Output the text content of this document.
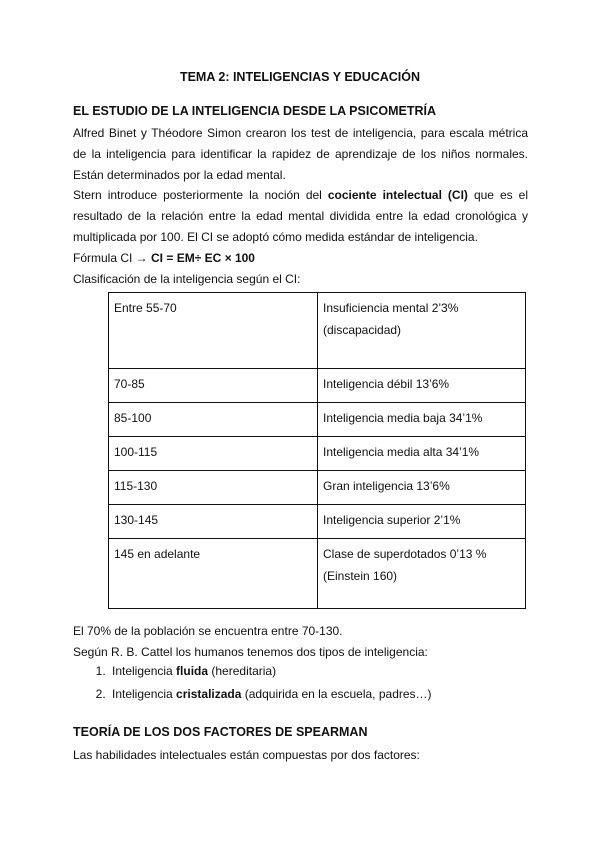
TEMA 2: INTELIGENCIAS Y EDUCACIÓN
EL ESTUDIO DE LA INTELIGENCIA DESDE LA PSICOMETRÍA
Alfred Binet y Théodore Simon crearon los test de inteligencia, para escala métrica de la inteligencia para identificar la rapidez de aprendizaje de los niños normales. Están determinados por la edad mental.
Stern introduce posteriormente la noción del cociente intelectual (CI) que es el resultado de la relación entre la edad mental dividida entre la edad cronológica y multiplicada por 100. El CI se adoptó cómo medida estándar de inteligencia.
Fórmula CI → CI = EM÷ EC × 100
Clasificación de la inteligencia según el CI:
Entre 55-70	Insuficiencia mental 2’3%
(discapacidad)

70-85	Inteligencia débil 13’6%
85-100	Inteligencia media baja 34’1%
100-115	Inteligencia media alta 34’1%
115-130	Gran inteligencia 13’6%
130-145	Inteligencia superior 2’1%
145 en adelante	Clase de superdotados 0’13 %
(Einstein 160)
El 70% de la población se encuentra entre 70-130.
Según R. B. Cattel los humanos tenemos dos tipos de inteligencia:
1. Inteligencia fluida (hereditaria)
2. Inteligencia cristalizada (adquirida en la escuela, padres…)
TEORÍA DE LOS DOS FACTORES DE SPEARMAN
Las habilidades intelectuales están compuestas por dos factores:
